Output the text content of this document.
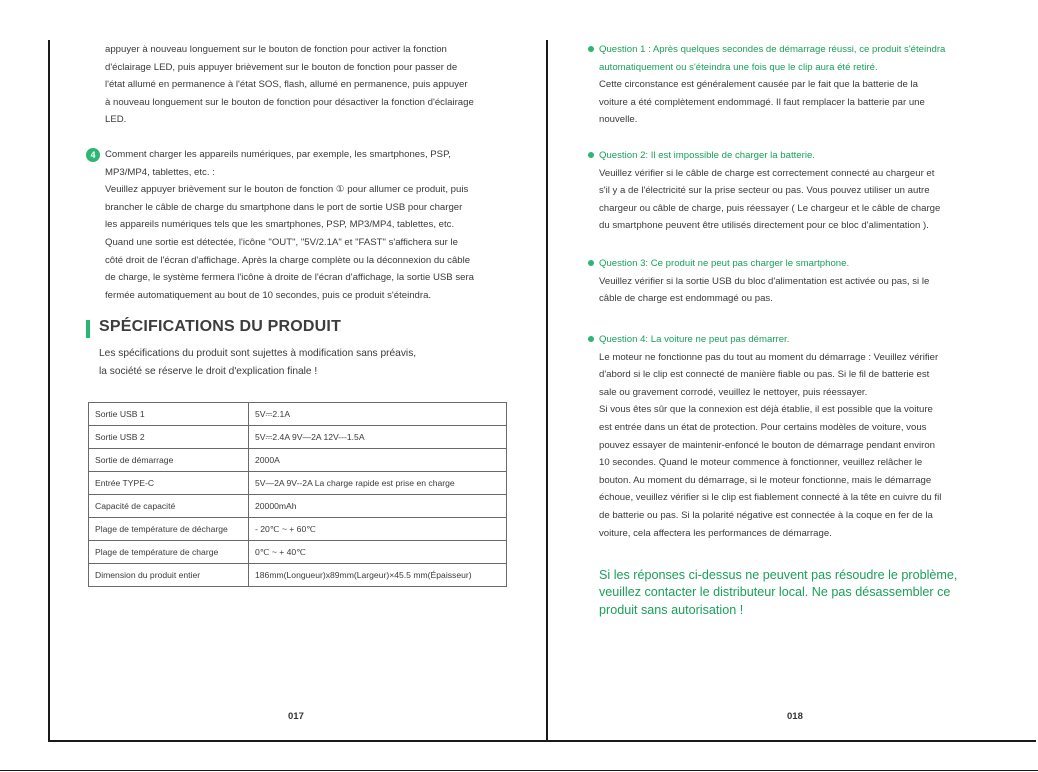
appuyer à nouveau longuement sur le bouton de fonction pour activer la fonction
d'éclairage LED, puis appuyer brièvement sur le bouton de fonction pour passer de
l'état allumé en permanence à l'état SOS, flash, allumé en permanence, puis appuyer
à nouveau longuement sur le bouton de fonction pour désactiver la fonction d'éclairage
LED.
4 Comment charger les appareils numériques, par exemple, les smartphones, PSP,
MP3/MP4, tablettes, etc. :
Veuillez appuyer brièvement sur le bouton de fonction ① pour allumer ce produit, puis
brancher le câble de charge du smartphone dans le port de sortie USB pour charger
les appareils numériques tels que les smartphones, PSP, MP3/MP4, tablettes, etc.
Quand une sortie est détectée, l'icône "OUT", "5V/2.1A" et "FAST" s'affichera sur le
côté droit de l'écran d'affichage. Après la charge complète ou la déconnexion du câble
de charge, le système fermera l'icône à droite de l'écran d'affichage, la sortie USB sera
fermée automatiquement au bout de 10 secondes, puis ce produit s'éteindra.
SPÉCIFICATIONS DU PRODUIT
Les spécifications du produit sont sujettes à modification sans préavis,
la société se réserve le droit d'explication finale !
Sortie USB 1	5V⎓2.1A
Sortie USB 2	5V⎓2.4A 9V—2A 12V---1.5A
Sortie de démarrage	2000A
Entrée TYPE-C	5V—2A 9V--2A La charge rapide est prise en charge
Capacité de capacité	20000mAh
Plage de température de décharge	- 20℃ ~ + 60℃
Plage de température de charge	0℃ ~ + 40℃
Dimension du produit entier	186mm(Longueur)x89mm(Largeur)×45.5 mm(Épaisseur)
017
Question 1 : Après quelques secondes de démarrage réussi, ce produit s'éteindra
automatiquement ou s'éteindra une fois que le clip aura été retiré.
Cette circonstance est généralement causée par le fait que la batterie de la
voiture a été complètement endommagé. Il faut remplacer la batterie par une
nouvelle.
Question 2: Il est impossible de charger la batterie.
Veuillez vérifier si le câble de charge est correctement connecté au chargeur et
s'il y a de l'électricité sur la prise secteur ou pas. Vous pouvez utiliser un autre
chargeur ou câble de charge, puis réessayer ( Le chargeur et le câble de charge
du smartphone peuvent être utilisés directement pour ce bloc d'alimentation ).
Question 3: Ce produit ne peut pas charger le smartphone.
Veuillez vérifier si la sortie USB du bloc d'alimentation est activée ou pas, si le
câble de charge est endommagé ou pas.
Question 4: La voiture ne peut pas démarrer.
Le moteur ne fonctionne pas du tout au moment du démarrage : Veuillez vérifier
d'abord si le clip est connecté de manière fiable ou pas. Si le fil de batterie est
sale ou gravement corrodé, veuillez le nettoyer, puis réessayer.
Si vous êtes sûr que la connexion est déjà établie, il est possible que la voiture
est entrée dans un état de protection. Pour certains modèles de voiture, vous
pouvez essayer de maintenir-enfoncé le bouton de démarrage pendant environ
10 secondes. Quand le moteur commence à fonctionner, veuillez relâcher le
bouton. Au moment du démarrage, si le moteur fonctionne, mais le démarrage
échoue, veuillez vérifier si le clip est fiablement connecté à la tête en cuivre du fil
de batterie ou pas. Si la polarité négative est connectée à la coque en fer de la
voiture, cela affectera les performances de démarrage.
Si les réponses ci-dessus ne peuvent pas résoudre le problème,
veuillez contacter le distributeur local. Ne pas désassembler ce
produit sans autorisation !
018
